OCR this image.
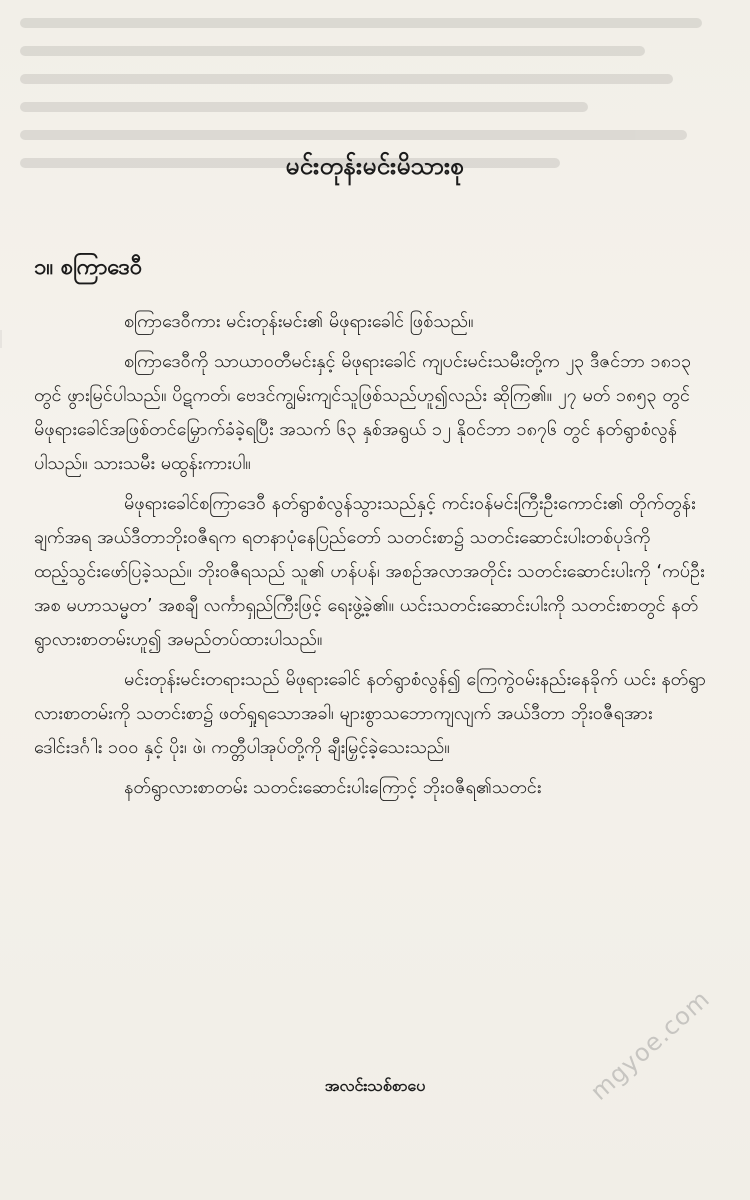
မင်းတုန်းမင်းမိသားစု
၁။ စကြာဒေဝီ

စကြာဒေဝီကား မင်းတုန်းမင်း၏ မိဖုရားခေါင် ဖြစ်သည်။

စကြာဒေဝီကို သာယာဝတီမင်းနှင့် မိဖုရားခေါင် ကျပင်းမင်းသမီးတို့က ၂၃ ဒီဇင်ဘာ ၁၈၁၃ တွင် ဖွားမြင်ပါသည်။ ပိဋကတ်၊ ဗေဒင်ကျွမ်းကျင်သူဖြစ်သည်ဟူ၍လည်း ဆိုကြ၏။ ၂၇ မတ် ၁၈၅၃ တွင် မိဖုရားခေါင်အဖြစ်တင်မြှောက်ခံခဲ့ရပြီး အသက် ၆၃ နှစ်အရွယ် ၁၂ နိုဝင်ဘာ ၁၈၇၆ တွင် နတ်ရွာစံလွန်ပါသည်။ သားသမီး မထွန်းကားပါ။

မိဖုရားခေါင်စကြာဒေဝီ နတ်ရွာစံလွန်သွားသည်နှင့် ကင်းဝန်မင်းကြီးဦးကောင်း၏ တိုက်တွန်းချက်အရ အယ်ဒီတာဘိုးဝဇီရက ရတနာပုံနေပြည်တော် သတင်းစာ၌ သတင်းဆောင်းပါးတစ်ပုဒ်ကို ထည့်သွင်းဖော်ပြခဲ့သည်။ ဘိုးဝဇီရသည် သူ၏ ဟန်ပန်၊ အစဉ်အလာအတိုင်း သတင်းဆောင်းပါးကို ‘ကပ်ဦးအစ မဟာသမ္မတ’ အစချီ လင်္ကာရှည်ကြီးဖြင့် ရေးဖွဲ့ခဲ့၏။ ယင်းသတင်းဆောင်းပါးကို သတင်းစာတွင် နတ်ရွာလားစာတမ်းဟူ၍ အမည်တပ်ထားပါသည်။

မင်းတုန်းမင်းတရားသည် မိဖုရားခေါင် နတ်ရွာစံလွန်၍ ကြေကွဲဝမ်းနည်းနေခိုက် ယင်း နတ်ရွာလားစာတမ်းကို သတင်းစာ၌ ဖတ်ရှုရသောအခါ၊ များစွာသဘောကျလျက် အယ်ဒီတာ ဘိုးဝဇီရအား ဒေါင်းဒင်္ဂါး ၁၀၀ နှင့် ပိုး၊ ဖဲ၊ ကတ္တီပါအုပ်တို့ကို ချီးမြှင့်ခဲ့သေးသည်။

နတ်ရွာလားစာတမ်း သတင်းဆောင်းပါးကြောင့် ဘိုးဝဇီရ၏သတင်း

အလင်းသစ်စာပေ	mgyoe.com
